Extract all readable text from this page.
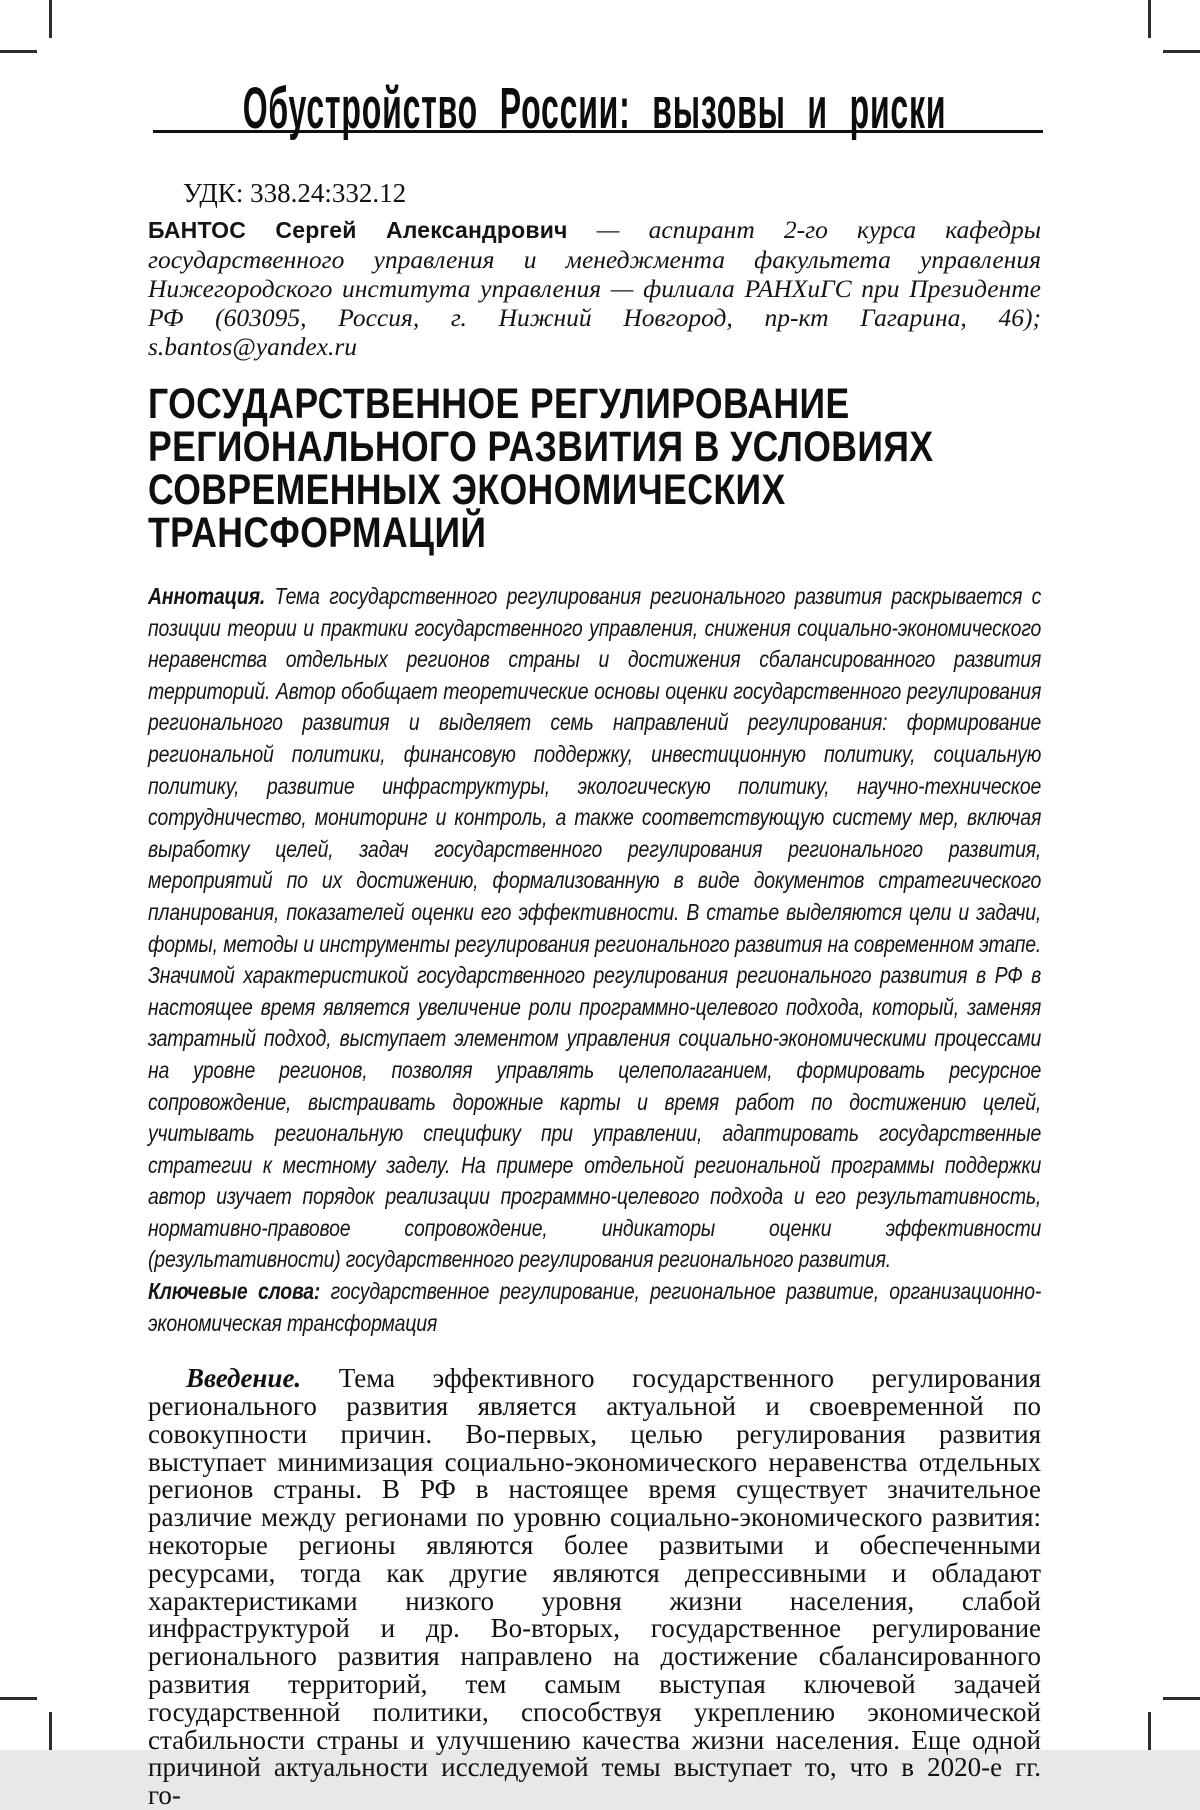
Обустройство России: вызовы и риски
УДК: 338.24:332.12

БАНТОС Сергей Александрович — аспирант 2-го курса кафедры государственного управления и менеджмента факультета управления Нижегородского института управления — филиала РАНХиГС при Президенте РФ (603095, Россия, г. Нижний Новгород, пр-кт Гагарина, 46); s.bantos@yandex.ru

ГОСУДАРСТВЕННОЕ РЕГУЛИРОВАНИЕ РЕГИОНАЛЬНОГО РАЗВИТИЯ В УСЛОВИЯХ СОВРЕМЕННЫХ ЭКОНОМИЧЕСКИХ ТРАНСФОРМАЦИЙ

Аннотация. Тема государственного регулирования регионального развития раскрывается с позиции теории и практики государственного управления, снижения социально-экономического неравенства отдельных регионов страны и достижения сбалансированного развития территорий. Автор обобщает теоретические основы оценки государственного регулирования регионального развития и выделяет семь направлений регулирования: формирование региональной политики, финансовую поддержку, инвестиционную политику, социальную политику, развитие инфраструктуры, экологическую политику, научно-техническое сотрудничество, мониторинг и контроль, а также соответствующую систему мер, включая выработку целей, задач государственного регулирования регионального развития, мероприятий по их достижению, формализованную в виде документов стратегического планирования, показателей оценки его эффективности. В статье выделяются цели и задачи, формы, методы и инструменты регулирования регионального развития на современном этапе. Значимой характеристикой государственного регулирования регионального развития в РФ в настоящее время является увеличение роли программно-целевого подхода, который, заменяя затратный подход, выступает элементом управления социально-экономическими процессами на уровне регионов, позволяя управлять целеполаганием, формировать ресурсное сопровождение, выстраивать дорожные карты и время работ по достижению целей, учитывать региональную специфику при управлении, адаптировать государственные стратегии к местному заделу. На примере отдельной региональной программы поддержки автор изучает порядок реализации программно-целевого подхода и его результативность, нормативно-правовое сопровождение, индикаторы оценки эффективности (результативности) государственного регулирования регионального развития.

Ключевые слова: государственное регулирование, региональное развитие, организационно-экономическая трансформация

Введение. Тема эффективного государственного регулирования регионального развития является актуальной и своевременной по совокупности причин. Во-первых, целью регулирования развития выступает минимизация социально-экономического неравенства отдельных регионов страны. В РФ в настоящее время существует значительное различие между регионами по уровню социально-экономического развития: некоторые регионы являются более развитыми и обеспеченными ресурсами, тогда как другие являются депрессивными и обладают характеристиками низкого уровня жизни населения, слабой инфраструктурой и др. Во-вторых, государственное регулирование регионального развития направлено на достижение сбалансированного развития территорий, тем самым выступая ключевой задачей государственной политики, способствуя укреплению экономической стабильности страны и улучшению качества жизни населения. Еще одной причиной актуальности исследуемой темы выступает то, что в 2020-е гг. го-
